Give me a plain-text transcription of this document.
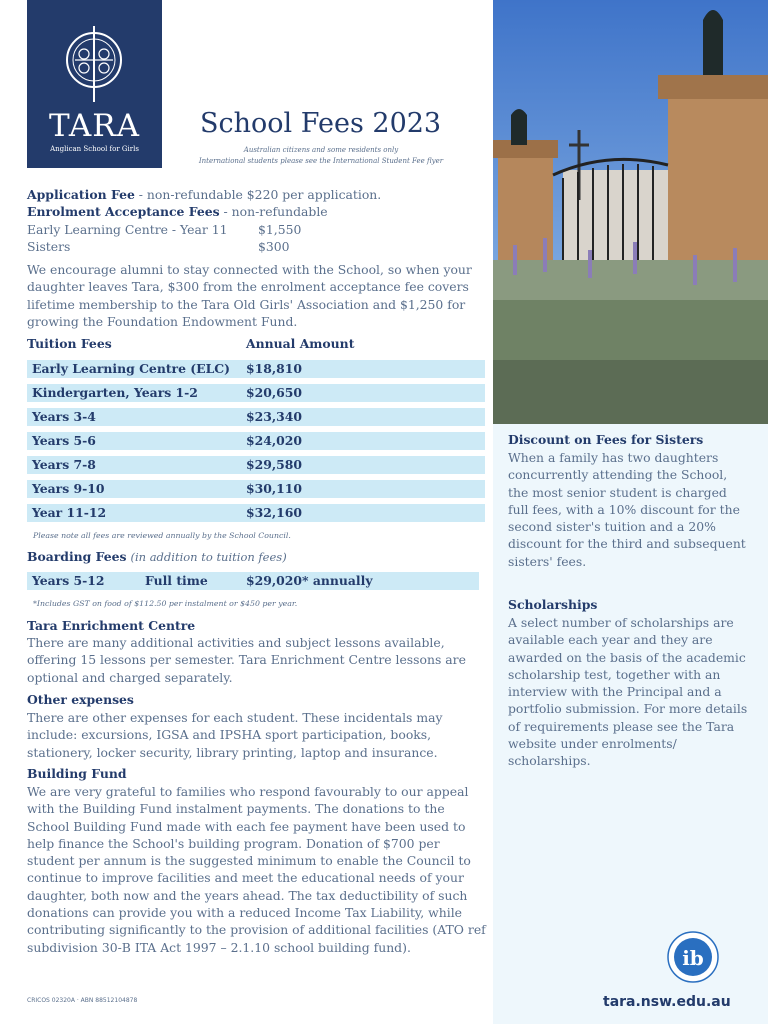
TARA
Anglican School for Girls
School Fees 2023
Australian citizens and some residents only
International students please see the International Student Fee flyer
Application Fee - non-refundable $220 per application.
Enrolment Acceptance Fees - non-refundable
Early Learning Centre - Year 11 $1,550
Sisters	$300
We encourage alumni to stay connected with the School, so when your daughter leaves Tara, $300 from the enrolment acceptance fee covers lifetime membership to the Tara Old Girls' Association and $1,250 for growing the Foundation Endowment Fund.
Tuition Fees	Annual Amount
Early Learning Centre (ELC) $18,810
Kindergarten, Years 1-2	$20,650
Years 3-4	$23,340
Years 5-6	$24,020
Years 7-8	$29,580
Years 9-10	$30,110
Year 11-12	$32,160
Please note all fees are reviewed annually by the School Council.
Boarding Fees (in addition to tuition fees)
Years 5-12	Full time	$29,020* annually
*Includes GST on food of $112.50 per instalment or $450 per year.
Tara Enrichment Centre
There are many additional activities and subject lessons available, offering 15 lessons per semester. Tara Enrichment Centre lessons are optional and charged separately.
Other expenses
There are other expenses for each student. These incidentals may include: excursions, IGSA and IPSHA sport participation, books, stationery, locker security, library printing, laptop and insurance.
Building Fund
We are very grateful to families who respond favourably to our appeal with the Building Fund instalment payments. The donations to the School Building Fund made with each fee payment have been used to help finance the School's building program. Donation of $700 per student per annum is the suggested minimum to enable the Council to continue to improve facilities and meet the educational needs of your daughter, both now and the years ahead. The tax deductibility of such donations can provide you with a reduced Income Tax Liability, while contributing significantly to the provision of additional facilities (ATO ref subdivision 30-B ITA Act 1997 – 2.1.10 school building fund).
CRICOS 02320A · ABN 88512104878
Discount on Fees for Sisters
When a family has two daughters concurrently attending the School, the most senior student is charged full fees, with a 10% discount for the second sister's tuition and a 20% discount for the third and subsequent sisters' fees.
Scholarships
A select number of scholarships are available each year and they are awarded on the basis of the academic scholarship test, together with an interview with the Principal and a portfolio submission. For more details of requirements please see the Tara website under enrolments/ scholarships.
ib
tara.nsw.edu.au
